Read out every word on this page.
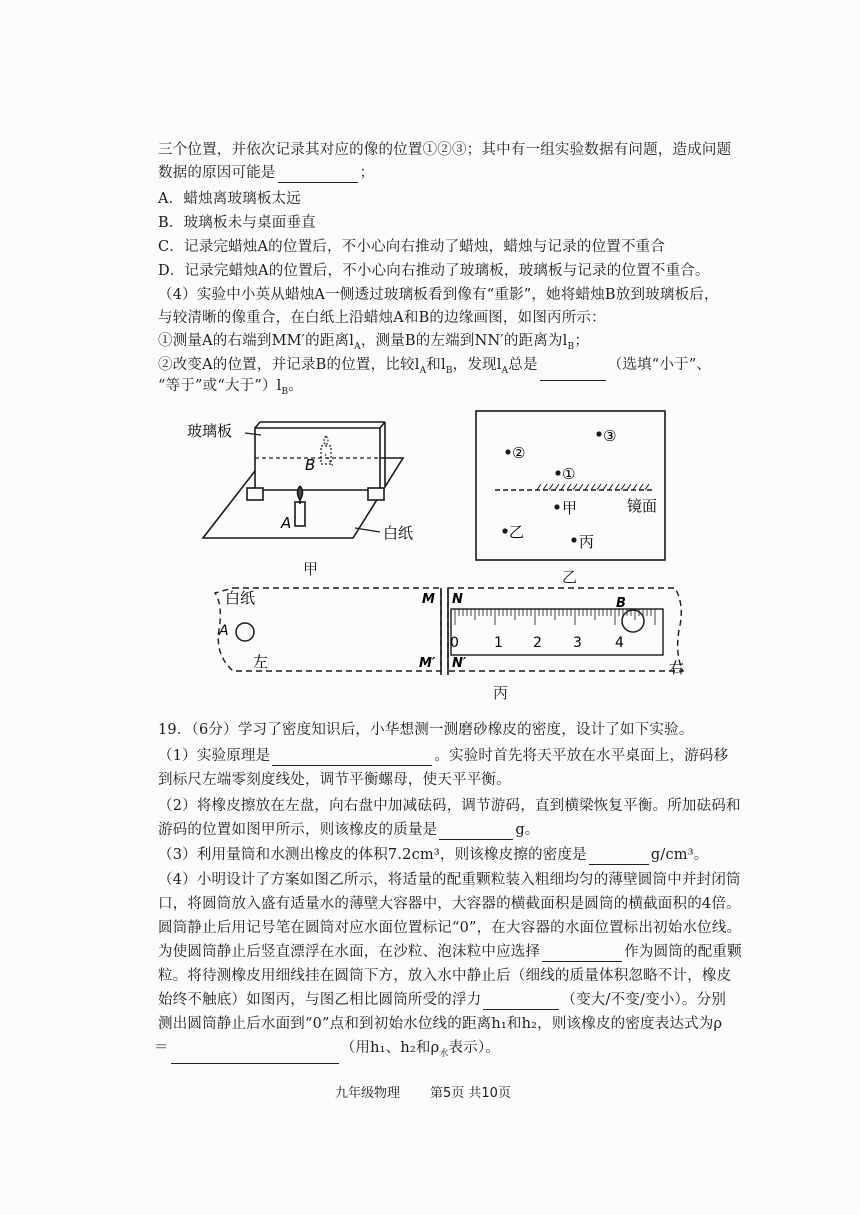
三个位置，并依次记录其对应的像的位置①②③；其中有一组实验数据有问题，造成问题
数据的原因可能是	；
A．蜡烛离玻璃板太远
B．玻璃板未与桌面垂直
C．记录完蜡烛A的位置后，不小心向右推动了蜡烛，蜡烛与记录的位置不重合
D．记录完蜡烛A的位置后，不小心向右推动了玻璃板，玻璃板与记录的位置不重合。
（4）实验中小英从蜡烛A一侧透过玻璃板看到像有“重影”，她将蜡烛B放到玻璃板后，
与较清晰的像重合，在白纸上沿蜡烛A和B的边缘画图，如图丙所示：
①测量A的右端到MM′的距离$l_A$，测量B的左端到NN′的距离为$l_B$；
②改变A的位置，并记录B的位置，比较$l_A$和$l_B$，发现$l_A$总是	（选填“小于”、
“等于”或“大于$”)l_B$。
玻璃板
B
A
白纸
甲
②
③
①
镜面
甲
乙
丙
乙
白纸
A
左
M
M′
N
N′
B
右
0	1 2 3 4
丙
19．（6分）学习了密度知识后，小华想测一测磨砂橡皮的密度，设计了如下实验。
（1）实验原理是	。实验时首先将天平放在水平桌面上，游码移
到标尺左端零刻度线处，调节平衡螺母，使天平平衡。
（2）将橡皮擦放在左盘，向右盘中加减砝码，调节游码，直到横梁恢复平衡。所加砝码和
游码的位置如图甲所示，则该橡皮的质量是	g。
（3）利用量筒和水测出橡皮的体积7.2cm³，则该橡皮擦的密度是	g/cm³。
（4）小明设计了方案如图乙所示，将适量的配重颗粒装入粗细均匀的薄壁圆筒中并封闭筒
口，将圆筒放入盛有适量水的薄壁大容器中，大容器的横截面积是圆筒的横截面积的4倍。
圆筒静止后用记号笔在圆筒对应水面位置标记“0”，在大容器的水面位置标出初始水位线。
为使圆筒静止后竖直漂浮在水面，在沙粒、泡沫粒中应选择	作为圆筒的配重颗
粒。将待测橡皮用细线挂在圆筒下方，放入水中静止后（细线的质量体积忽略不计，橡皮
始终不触底）如图丙，与图乙相比圆筒所受的浮力	（变大/不变/变小）。分别
测出圆筒静止后水面到“0”点和到初始水位线的距离h₁和h₂，则该橡皮的密度表达式为ρ
＝	（用h₁、h₂和$\rho_水$表示）。
九年级物理 第5页 共10页
